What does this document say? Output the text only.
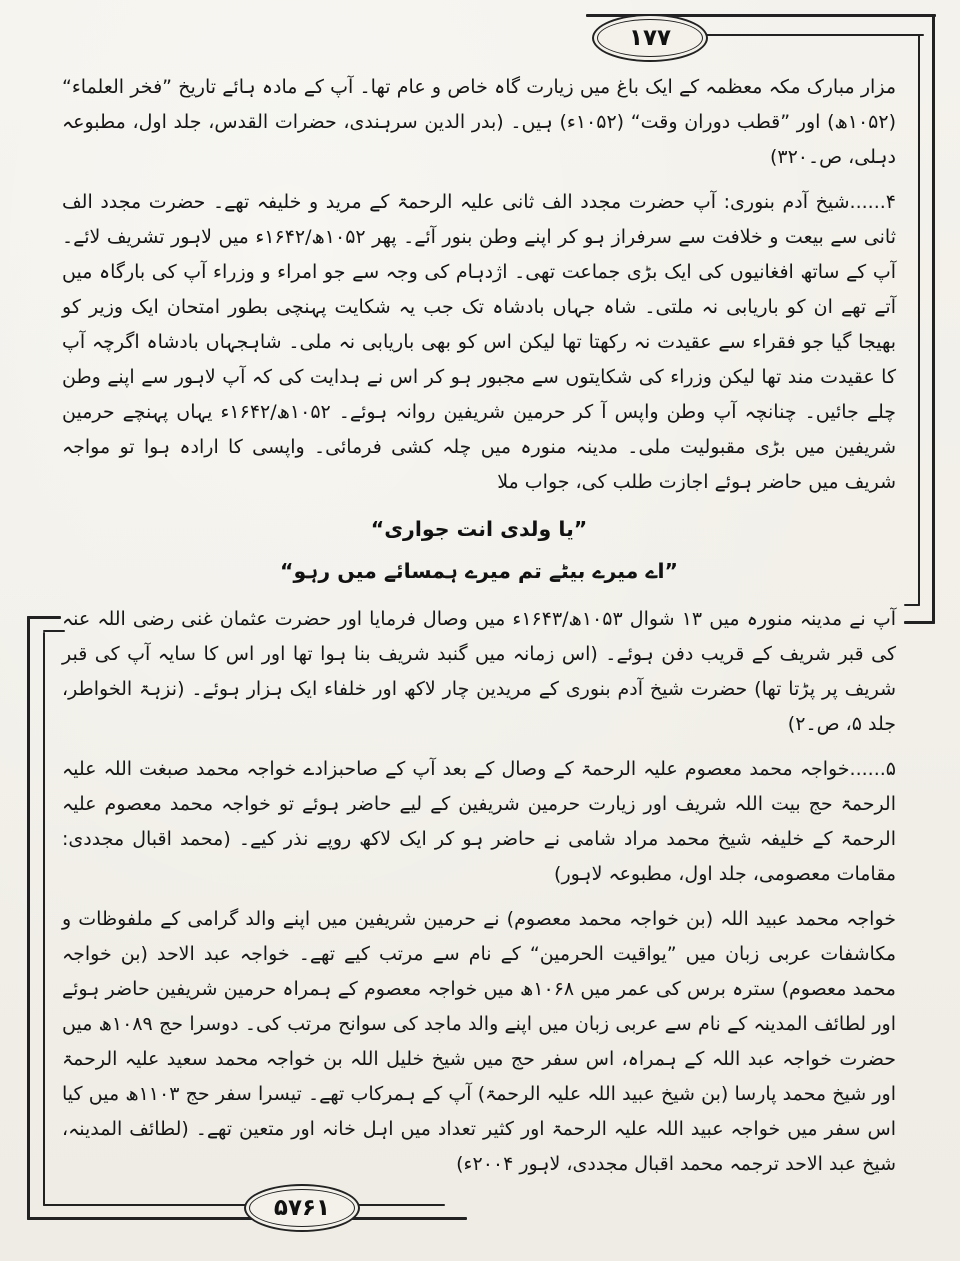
۱۷۷

مزار مبارک مکہ معظمہ کے ایک باغ میں زیارت گاہ خاص و عام تھا۔ آپ کے مادہ ہائے تاریخ ”فخر العلماء“ (۱۰۵۲ھ) اور ”قطب دوران وقت“ (۱۰۵۲ء) ہیں۔ (بدر الدین سرہندی، حضرات القدس، جلد اول، مطبوعہ دہلی، ص۔۳۲۰)

۴......شیخ آدم بنوری: آپ حضرت مجدد الف ثانی علیہ الرحمۃ کے مرید و خلیفہ تھے۔ حضرت مجدد الف ثانی سے بیعت و خلافت سے سرفراز ہو کر اپنے وطن بنور آئے۔ پھر ۱۰۵۲ھ/۱۶۴۲ء میں لاہور تشریف لائے۔ آپ کے ساتھ افغانیوں کی ایک بڑی جماعت تھی۔ اژدہام کی وجہ سے جو امراء و وزراء آپ کی بارگاہ میں آتے تھے ان کو باریابی نہ ملتی۔ شاہ جہاں بادشاہ تک جب یہ شکایت پہنچی بطور امتحان ایک وزیر کو بھیجا گیا جو فقراء سے عقیدت نہ رکھتا تھا لیکن اس کو بھی باریابی نہ ملی۔ شاہجہاں بادشاہ اگرچہ آپ کا عقیدت مند تھا لیکن وزراء کی شکایتوں سے مجبور ہو کر اس نے ہدایت کی کہ آپ لاہور سے اپنے وطن چلے جائیں۔ چنانچہ آپ وطن واپس آ کر حرمین شریفین روانہ ہوئے۔ ۱۰۵۲ھ/۱۶۴۲ء یہاں پہنچے حرمین شریفین میں بڑی مقبولیت ملی۔ مدینہ منورہ میں چلہ کشی فرمائی۔ واپسی کا ارادہ ہوا تو مواجہ شریف میں حاضر ہوئے اجازت طلب کی، جواب ملا

”یا ولدی انت جواری“

”اے میرے بیٹے تم میرے ہمسائے میں رہو“

آپ نے مدینہ منورہ میں ۱۳ شوال ۱۰۵۳ھ/۱۶۴۳ء میں وصال فرمایا اور حضرت عثمان غنی رضی اللہ عنہ کی قبر شریف کے قریب دفن ہوئے۔ (اس زمانہ میں گنبد شریف بنا ہوا تھا اور اس کا سایہ آپ کی قبر شریف پر پڑتا تھا) حضرت شیخ آدم بنوری کے مریدین چار لاکھ اور خلفاء ایک ہزار ہوئے۔ (نزہۃ الخواطر، جلد ۵، ص۔۲)

۵......خواجہ محمد معصوم علیہ الرحمۃ کے وصال کے بعد آپ کے صاحبزادے خواجہ محمد صبغت اللہ علیہ الرحمۃ حج بیت اللہ شریف اور زیارت حرمین شریفین کے لیے حاضر ہوئے تو خواجہ محمد معصوم علیہ الرحمۃ کے خلیفہ شیخ محمد مراد شامی نے حاضر ہو کر ایک لاکھ روپے نذر کیے۔ (محمد اقبال مجددی: مقامات معصومی، جلد اول، مطبوعہ لاہور)

خواجہ محمد عبید اللہ (بن خواجہ محمد معصوم) نے حرمین شریفین میں اپنے والد گرامی کے ملفوظات و مکاشفات عربی زبان میں ”یواقیت الحرمین“ کے نام سے مرتب کیے تھے۔ خواجہ عبد الاحد (بن خواجہ محمد معصوم) سترہ برس کی عمر میں ۱۰۶۸ھ میں خواجہ معصوم کے ہمراہ حرمین شریفین حاضر ہوئے اور لطائف المدینہ کے نام سے عربی زبان میں اپنے والد ماجد کی سوانح مرتب کی۔ دوسرا حج ۱۰۸۹ھ میں حضرت خواجہ عبد اللہ کے ہمراہ، اس سفر حج میں شیخ خلیل اللہ بن خواجہ محمد سعید علیہ الرحمۃ اور شیخ محمد پارسا (بن شیخ عبید اللہ علیہ الرحمۃ) آپ کے ہمرکاب تھے۔ تیسرا سفر حج ۱۱۰۳ھ میں کیا اس سفر میں خواجہ عبید اللہ علیہ الرحمۃ اور کثیر تعداد میں اہل خانہ اور متعین تھے۔ (لطائف المدینہ، شیخ عبد الاحد ترجمہ محمد اقبال مجددی، لاہور ۲۰۰۴ء)

۵۷۶۱
